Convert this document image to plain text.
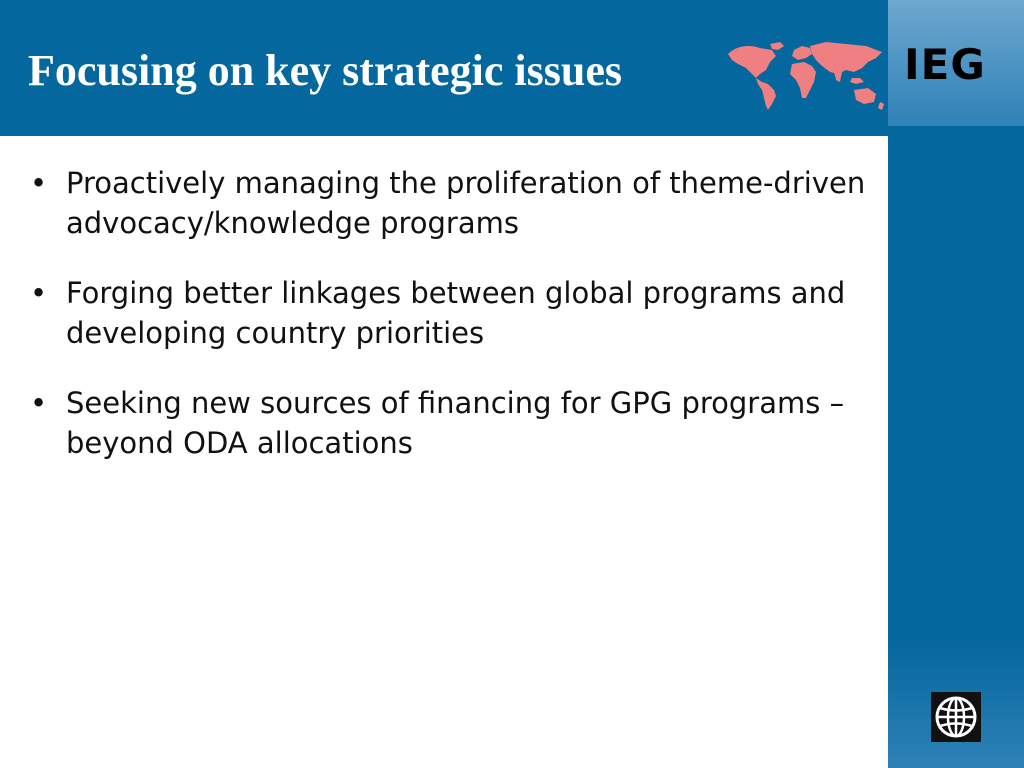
Focusing on key strategic issues	IEG
• Proactively managing the proliferation of theme-driven advocacy/knowledge programs
• Forging better linkages between global programs and developing country priorities
• Seeking new sources of financing for GPG programs – beyond ODA allocations
